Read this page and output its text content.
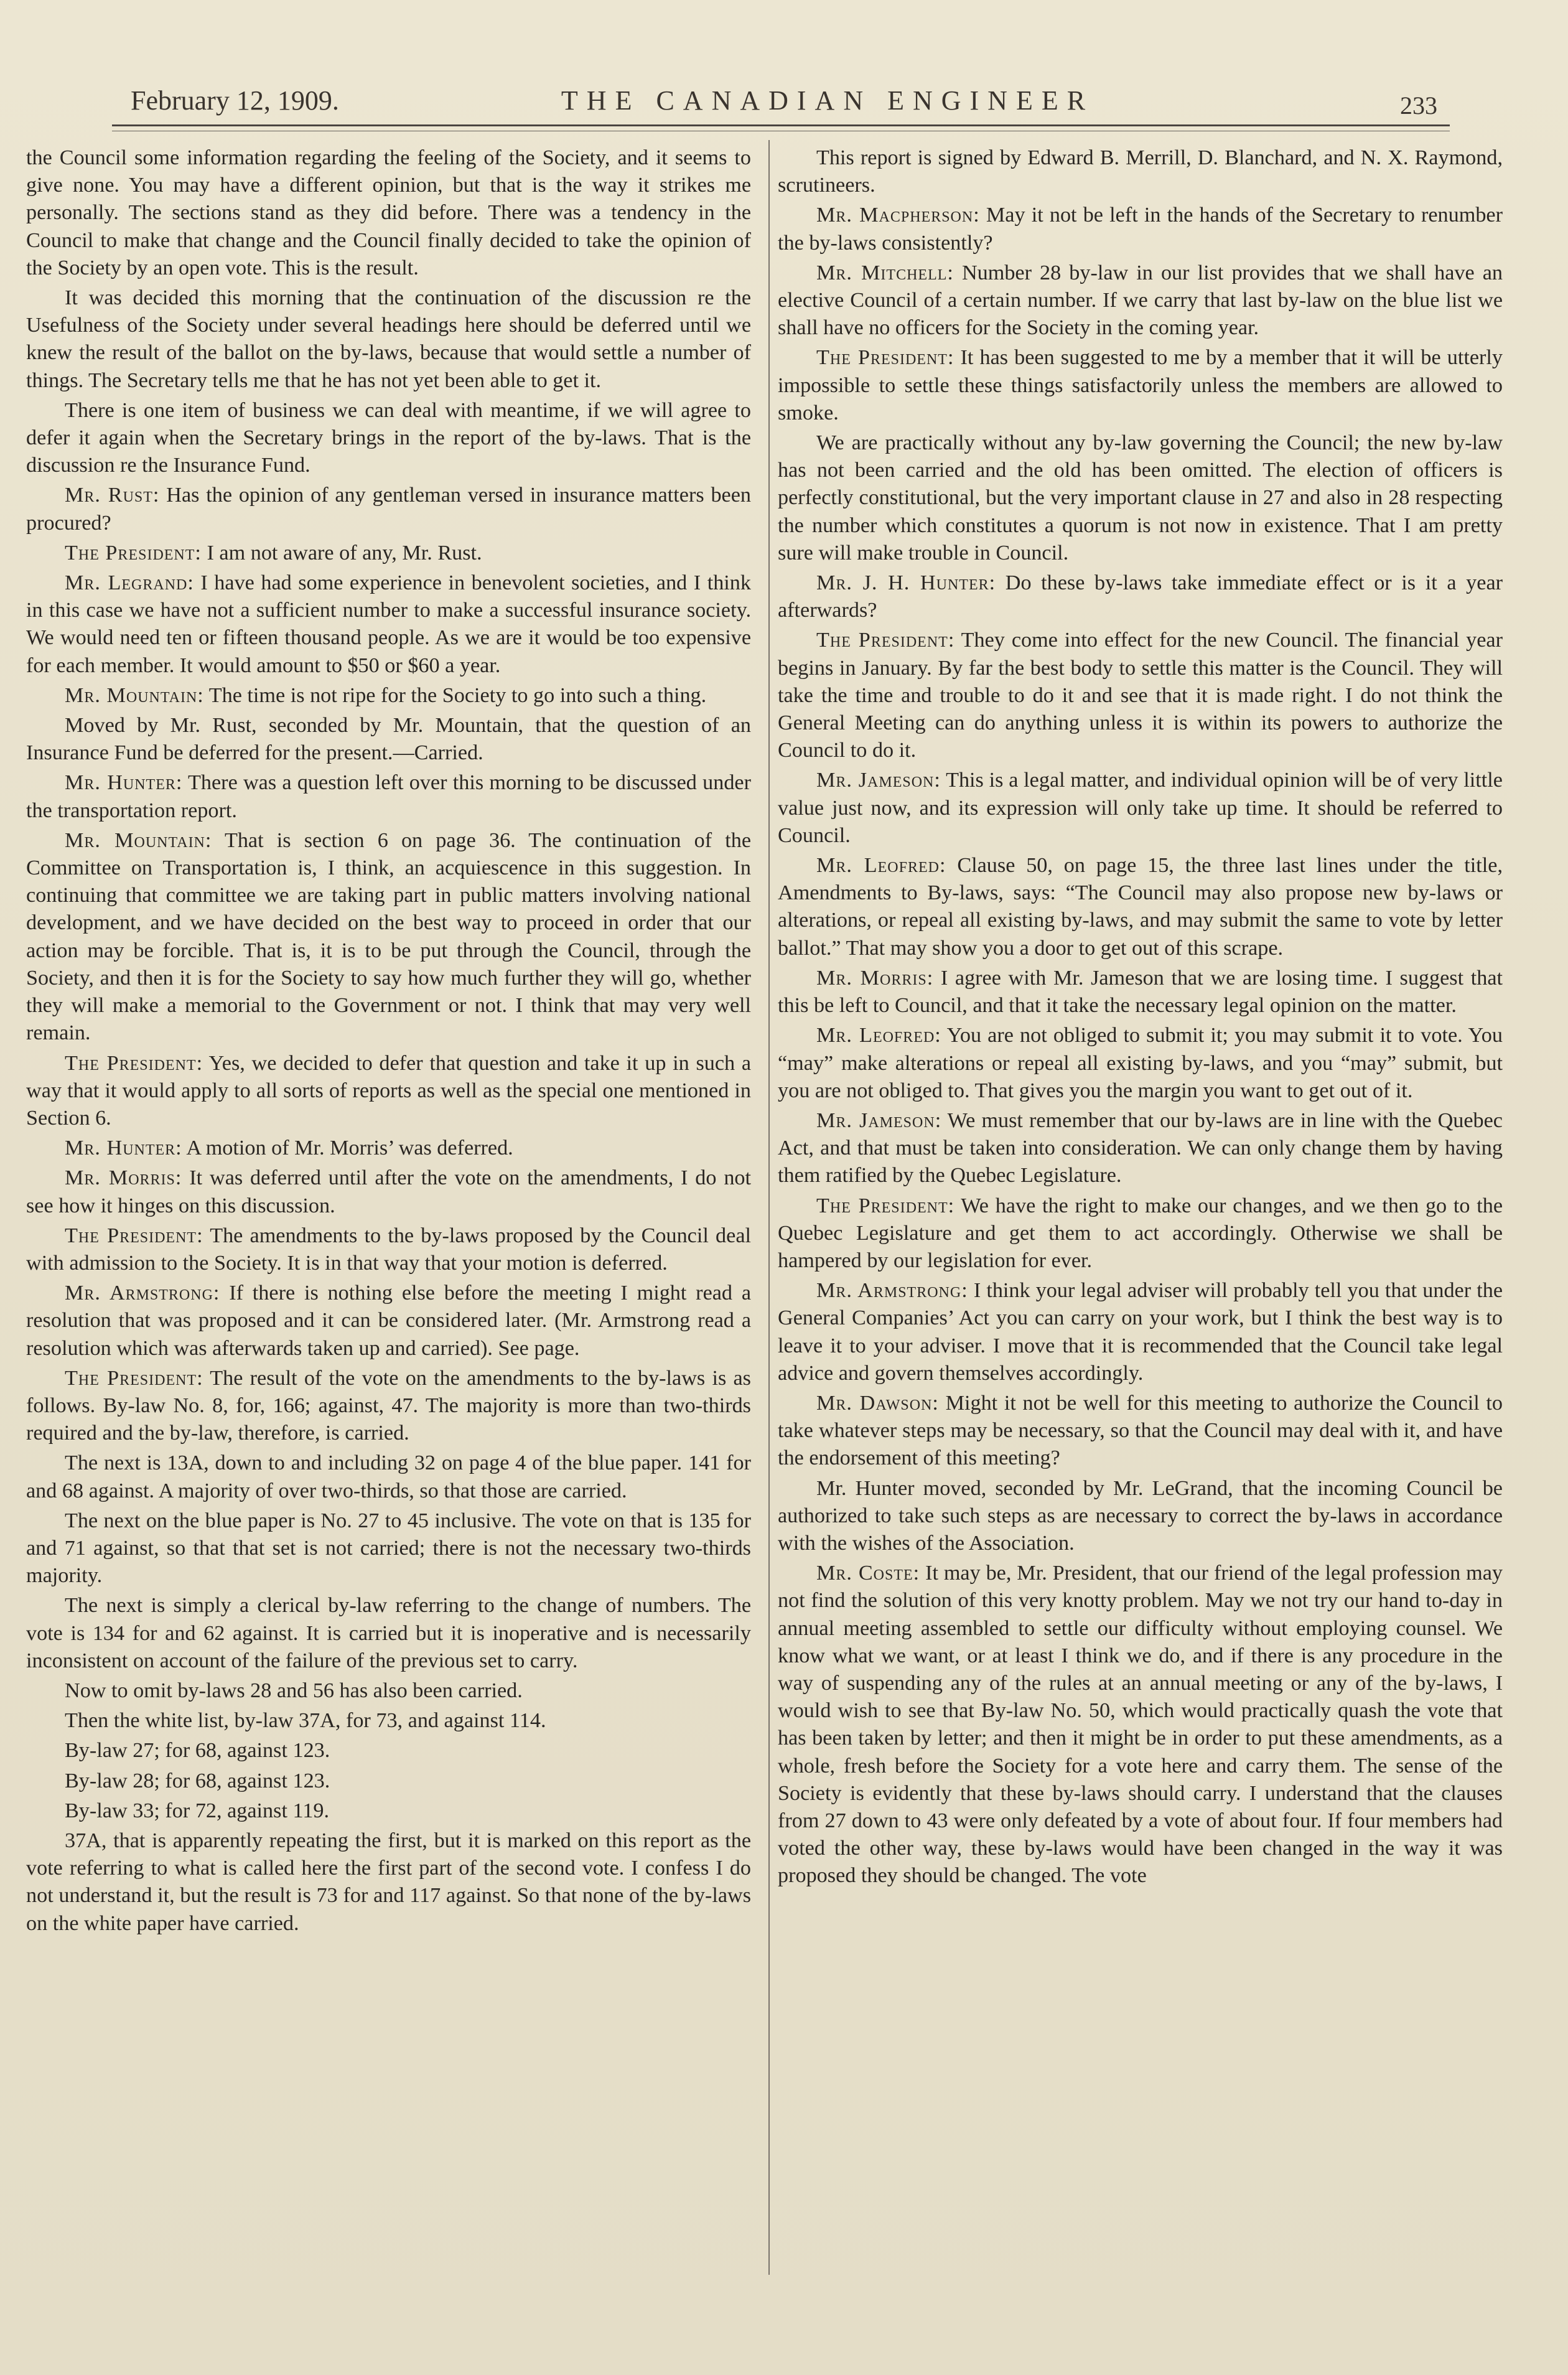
February 12, 1909.	THE CANADIAN ENGINEER	233

the Council some information regarding the feeling of the Society, and it seems to give none. You may have a different opinion, but that is the way it strikes me personally. The sections stand as they did before. There was a tendency in the Council to make that change and the Council finally decided to take the opinion of the Society by an open vote. This is the result.

It was decided this morning that the continuation of the discussion re the Usefulness of the Society under several headings here should be deferred until we knew the result of the ballot on the by-laws, because that would settle a number of things. The Secretary tells me that he has not yet been able to get it.

There is one item of business we can deal with meantime, if we will agree to defer it again when the Secretary brings in the report of the by-laws. That is the discussion re the Insurance Fund.

Mr. Rust: Has the opinion of any gentleman versed in insurance matters been procured?

The President: I am not aware of any, Mr. Rust.

Mr. Legrand: I have had some experience in benevolent societies, and I think in this case we have not a sufficient number to make a successful insurance society. We would need ten or fifteen thousand people. As we are it would be too expensive for each member. It would amount to $50 or $60 a year.

Mr. Mountain: The time is not ripe for the Society to go into such a thing.

Moved by Mr. Rust, seconded by Mr. Mountain, that the question of an Insurance Fund be deferred for the present.—Carried.

Mr. Hunter: There was a question left over this morning to be discussed under the transportation report.

Mr. Mountain: That is section 6 on page 36. The continuation of the Committee on Transportation is, I think, an acquiescence in this suggestion. In continuing that committee we are taking part in public matters involving national development, and we have decided on the best way to proceed in order that our action may be forcible. That is, it is to be put through the Council, through the Society, and then it is for the Society to say how much further they will go, whether they will make a memorial to the Government or not. I think that may very well remain.

The President: Yes, we decided to defer that question and take it up in such a way that it would apply to all sorts of reports as well as the special one mentioned in Section 6.

Mr. Hunter: A motion of Mr. Morris’ was deferred.

Mr. Morris: It was deferred until after the vote on the amendments, I do not see how it hinges on this discussion.

The President: The amendments to the by-laws proposed by the Council deal with admission to the Society. It is in that way that your motion is deferred.

Mr. Armstrong: If there is nothing else before the meeting I might read a resolution that was proposed and it can be considered later. (Mr. Armstrong read a resolution which was afterwards taken up and carried). See page.

The President: The result of the vote on the amendments to the by-laws is as follows. By-law No. 8, for, 166; against, 47. The majority is more than two-thirds required and the by-law, therefore, is carried.

The next is 13A, down to and including 32 on page 4 of the blue paper. 141 for and 68 against. A majority of over two-thirds, so that those are carried.

The next on the blue paper is No. 27 to 45 inclusive. The vote on that is 135 for and 71 against, so that that set is not carried; there is not the necessary two-thirds majority.

The next is simply a clerical by-law referring to the change of numbers. The vote is 134 for and 62 against. It is carried but it is inoperative and is necessarily inconsistent on account of the failure of the previous set to carry.

Now to omit by-laws 28 and 56 has also been carried.

Then the white list, by-law 37A, for 73, and against 114.

By-law 27; for 68, against 123.

By-law 28; for 68, against 123.

By-law 33; for 72, against 119.

37A, that is apparently repeating the first, but it is marked on this report as the vote referring to what is called here the first part of the second vote. I confess I do not understand it, but the result is 73 for and 117 against. So that none of the by-laws on the white paper have carried.

This report is signed by Edward B. Merrill, D. Blanchard, and N. X. Raymond, scrutineers.

Mr. Macpherson: May it not be left in the hands of the Secretary to renumber the by-laws consistently?

Mr. Mitchell: Number 28 by-law in our list provides that we shall have an elective Council of a certain number. If we carry that last by-law on the blue list we shall have no officers for the Society in the coming year.

The President: It has been suggested to me by a member that it will be utterly impossible to settle these things satisfactorily unless the members are allowed to smoke.

We are practically without any by-law governing the Council; the new by-law has not been carried and the old has been omitted. The election of officers is perfectly constitutional, but the very important clause in 27 and also in 28 respecting the number which constitutes a quorum is not now in existence. That I am pretty sure will make trouble in Council.

Mr. J. H. Hunter: Do these by-laws take immediate effect or is it a year afterwards?

The President: They come into effect for the new Council. The financial year begins in January. By far the best body to settle this matter is the Council. They will take the time and trouble to do it and see that it is made right. I do not think the General Meeting can do anything unless it is within its powers to authorize the Council to do it.

Mr. Jameson: This is a legal matter, and individual opinion will be of very little value just now, and its expression will only take up time. It should be referred to Council.

Mr. Leofred: Clause 50, on page 15, the three last lines under the title, Amendments to By-laws, says: “The Council may also propose new by-laws or alterations, or repeal all existing by-laws, and may submit the same to vote by letter ballot.” That may show you a door to get out of this scrape.

Mr. Morris: I agree with Mr. Jameson that we are losing time. I suggest that this be left to Council, and that it take the necessary legal opinion on the matter.

Mr. Leofred: You are not obliged to submit it; you may submit it to vote. You “may” make alterations or repeal all existing by-laws, and you “may” submit, but you are not obliged to. That gives you the margin you want to get out of it.

Mr. Jameson: We must remember that our by-laws are in line with the Quebec Act, and that must be taken into consideration. We can only change them by having them ratified by the Quebec Legislature.

The President: We have the right to make our changes, and we then go to the Quebec Legislature and get them to act accordingly. Otherwise we shall be hampered by our legislation for ever.

Mr. Armstrong: I think your legal adviser will probably tell you that under the General Companies’ Act you can carry on your work, but I think the best way is to leave it to your adviser. I move that it is recommended that the Council take legal advice and govern themselves accordingly.

Mr. Dawson: Might it not be well for this meeting to authorize the Council to take whatever steps may be necessary, so that the Council may deal with it, and have the endorsement of this meeting?

Mr. Hunter moved, seconded by Mr. LeGrand, that the incoming Council be authorized to take such steps as are necessary to correct the by-laws in accordance with the wishes of the Association.

Mr. Coste: It may be, Mr. President, that our friend of the legal profession may not find the solution of this very knotty problem. May we not try our hand to-day in annual meeting assembled to settle our difficulty without employing counsel. We know what we want, or at least I think we do, and if there is any procedure in the way of suspending any of the rules at an annual meeting or any of the by-laws, I would wish to see that By-law No. 50, which would practically quash the vote that has been taken by letter; and then it might be in order to put these amendments, as a whole, fresh before the Society for a vote here and carry them. The sense of the Society is evidently that these by-laws should carry. I understand that the clauses from 27 down to 43 were only defeated by a vote of about four. If four members had voted the other way, these by-laws would have been changed in the way it was proposed they should be changed. The vote
